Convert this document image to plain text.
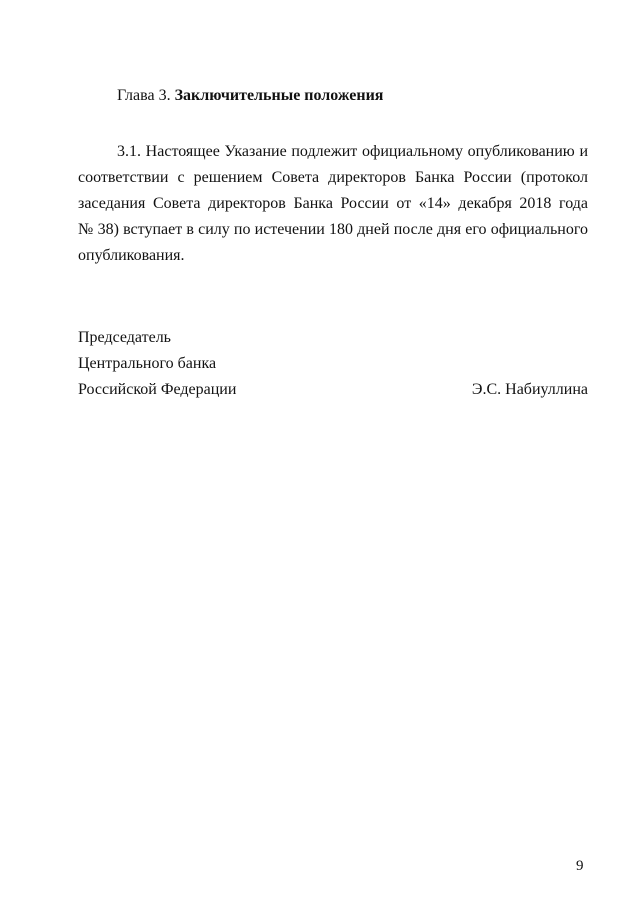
Глава 3. Заключительные положения
3.1. Настоящее Указание подлежит официальному опубликованию и
соответствии с решением Совета директоров Банка России (протокол
заседания Совета директоров Банка России от «14» декабря 2018 года
№ 38) вступает в силу по истечении 180 дней после дня его официального
опубликования.
Председатель
Центрального банка
Российской Федерации	Э.С. Набиуллина
9
